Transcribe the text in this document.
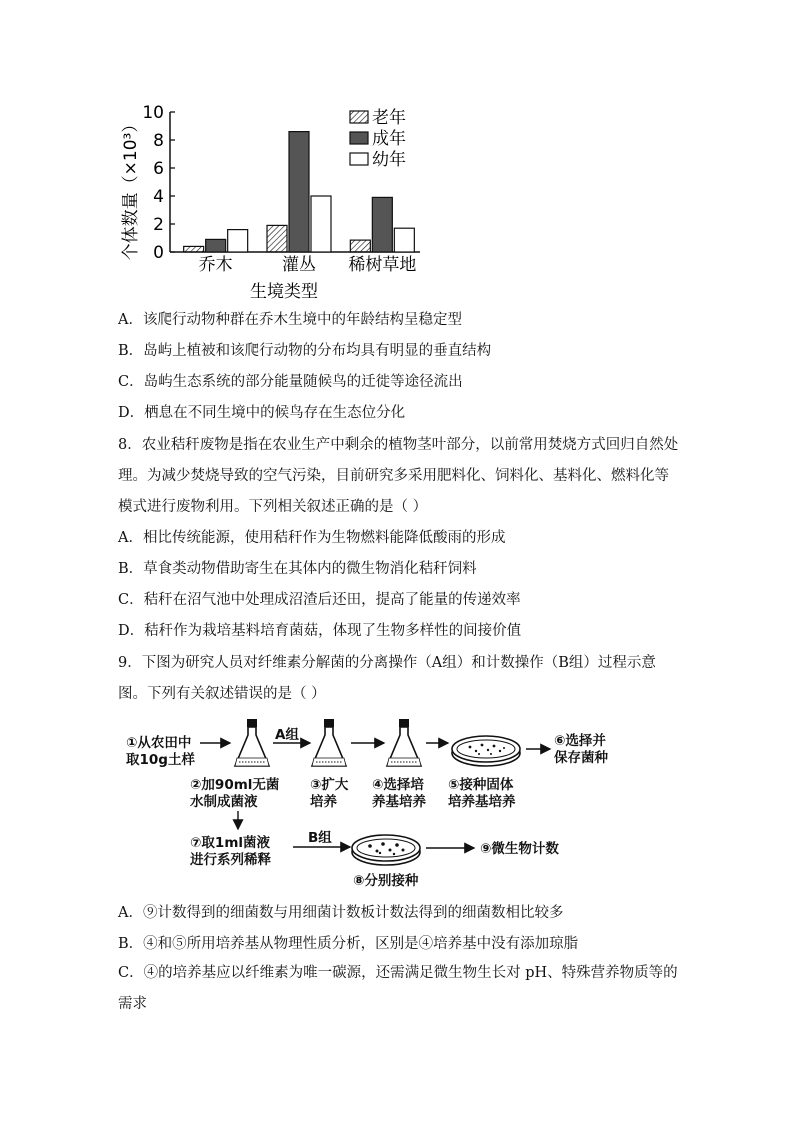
0
2
4
6
8
10
乔木	灌丛 稀树草地
老年
成年
幼年
个体数量（×10³）
生境类型
A．该爬行动物种群在乔木生境中的年龄结构呈稳定型
B．岛屿上植被和该爬行动物的分布均具有明显的垂直结构
C．岛屿生态系统的部分能量随候鸟的迁徙等途径流出
D．栖息在不同生境中的候鸟存在生态位分化
8．农业秸秆废物是指在农业生产中剩余的植物茎叶部分，以前常用焚烧方式回归自然处理。为减少焚烧导致的空气污染，目前研究多采用肥料化、饲料化、基料化、燃料化等模式进行废物利用。下列相关叙述正确的是（ ）
A．相比传统能源，使用秸秆作为生物燃料能降低酸雨的形成
B．草食类动物借助寄生在其体内的微生物消化秸秆饲料
C．秸秆在沼气池中处理成沼渣后还田，提高了能量的传递效率
D．秸秆作为栽培基料培育菌菇，体现了生物多样性的间接价值
9．下图为研究人员对纤维素分解菌的分离操作（A组）和计数操作（B组）过程示意图。下列有关叙述错误的是（ ）
①从农田中
取10g土样
②加90ml无菌
水制成菌液
A组
③扩大
培养
④选择培
养基培养
⑤接种固体
培养基培养
⑥选择并
保存菌种
⑦取1ml菌液
进行系列稀释
B组
⑧分别接种
⑨微生物计数
A．⑨计数得到的细菌数与用细菌计数板计数法得到的细菌数相比较多
B．④和⑤所用培养基从物理性质分析，区别是④培养基中没有添加琼脂
C．④的培养基应以纤维素为唯一碳源，还需满足微生物生长对 pH、特殊营养物质等的需求
